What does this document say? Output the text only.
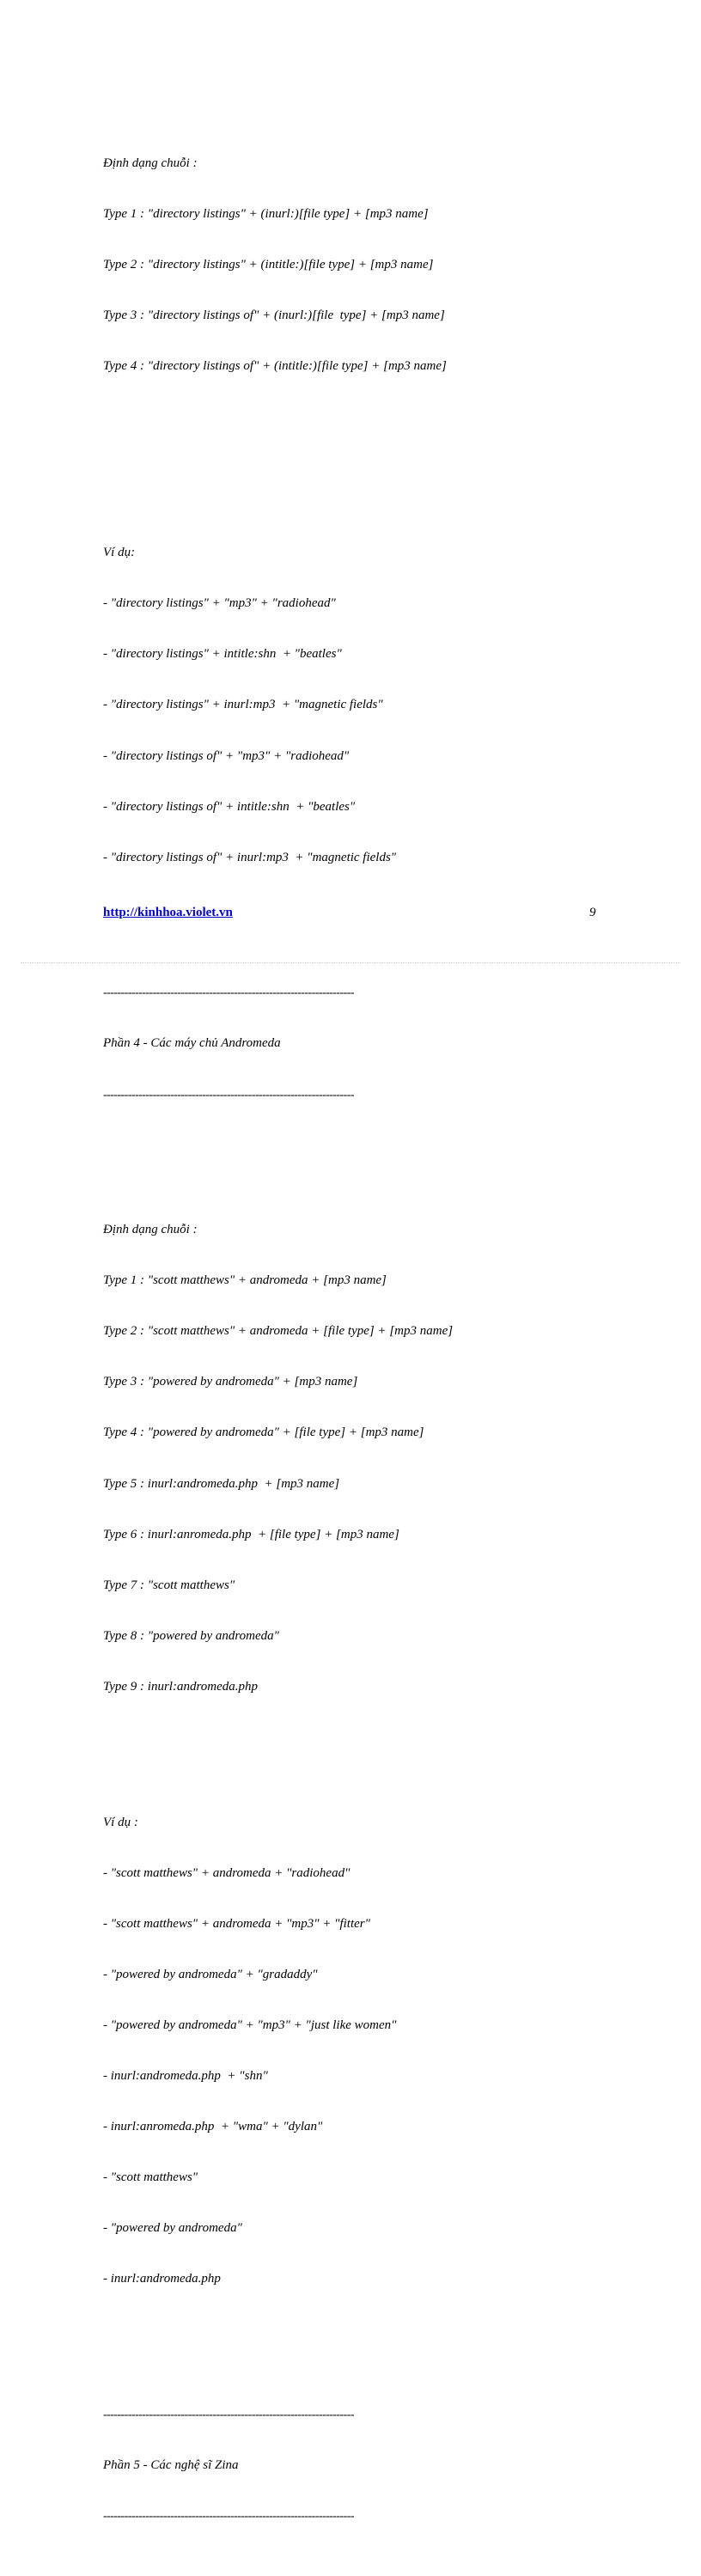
Định dạng chuỗi :

Type 1 : "directory listings" + (inurl:)[file type] + [mp3 name]

Type 2 : "directory listings" + (intitle:)[file type] + [mp3 name]

Type 3 : "directory listings of" + (inurl:)[file  type] + [mp3 name]

Type 4 : "directory listings of" + (intitle:)[file type] + [mp3 name]

Ví dụ:

- "directory listings" + "mp3" + "radiohead"

- "directory listings" + intitle:shn  + "beatles"

- "directory listings" + inurl:mp3  + "magnetic fields"

- "directory listings of" + "mp3" + "radiohead"

- "directory listings of" + intitle:shn  + "beatles"

- "directory listings of" + inurl:mp3  + "magnetic fields"

-----------------------------------------------------------------------

Phần 4 - Các máy chủ Andromeda

-----------------------------------------------------------------------

Định dạng chuỗi :

Type 1 : "scott matthews" + andromeda + [mp3 name]

Type 2 : "scott matthews" + andromeda + [file type] + [mp3 name]

Type 3 : "powered by andromeda" + [mp3 name]

Type 4 : "powered by andromeda" + [file type] + [mp3 name]

Type 5 : inurl:andromeda.php  + [mp3 name]

Type 6 : inurl:anromeda.php  + [file type] + [mp3 name]

Type 7 : "scott matthews"

Type 8 : "powered by andromeda"

Type 9 : inurl:andromeda.php

Ví dụ :

- "scott matthews" + andromeda + "radiohead"

- "scott matthews" + andromeda + "mp3" + "fitter"

- "powered by andromeda" + "gradaddy"

- "powered by andromeda" + "mp3" + "just like women"

- inurl:andromeda.php  + "shn"

- inurl:anromeda.php  + "wma" + "dylan"

- "scott matthews"

- "powered by andromeda"

- inurl:andromeda.php

-----------------------------------------------------------------------

Phần 5 - Các nghệ sĩ Zina

-----------------------------------------------------------------------

http://kinhhoa.violet.vn	9
